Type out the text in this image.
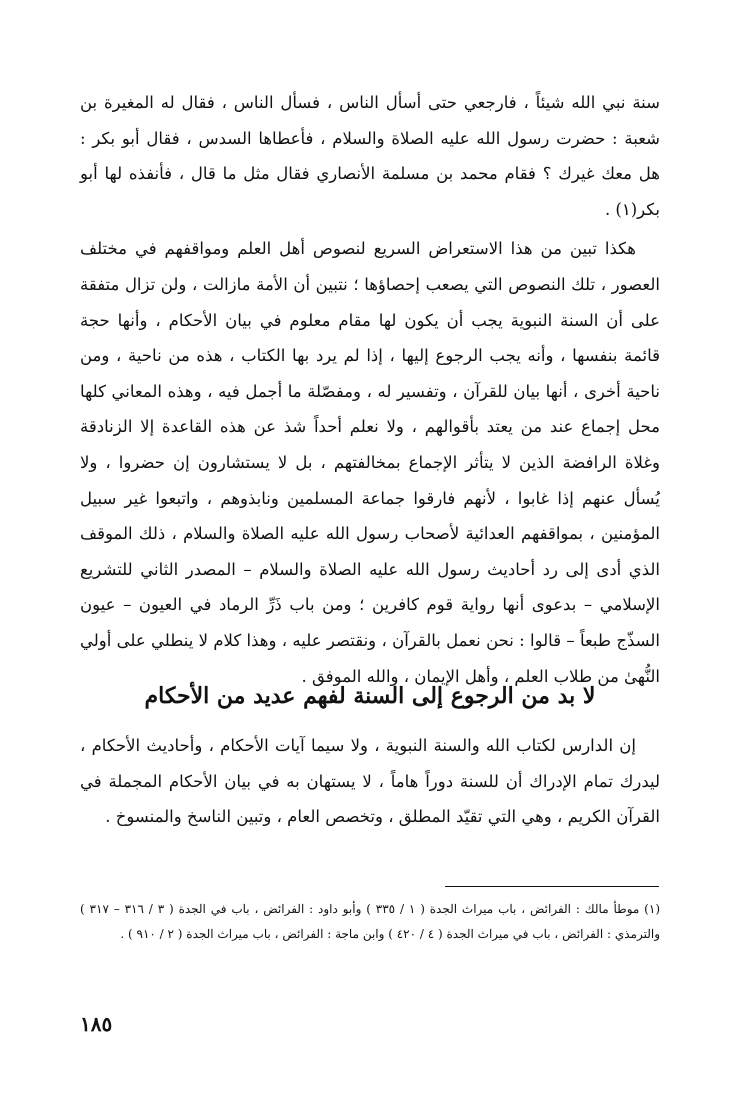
سنة نبي الله شيئاً ، فارجعي حتى أسأل الناس ، فسأل الناس ، فقال له المغيرة بن شعبة : حضرت رسول الله عليه الصلاة والسلام ، فأعطاها السدس ، فقال أبو بكر : هل معك غيرك ؟ فقام محمد بن مسلمة الأنصاري فقال مثل ما قال ، فأنفذه لها أبو بكر(١) .

هكذا تبين من هذا الاستعراض السريع لنصوص أهل العلم ومواقفهم في مختلف العصور ، تلك النصوص التي يصعب إحصاؤها ؛ نتبين أن الأمة مازالت ، ولن تزال متفقة على أن السنة النبوية يجب أن يكون لها مقام معلوم في بيان الأحكام ، وأنها حجة قائمة بنفسها ، وأنه يجب الرجوع إليها ، إذا لم يرد بها الكتاب ، هذه من ناحية ، ومن ناحية أخرى ، أنها بيان للقرآن ، وتفسير له ، ومفصّلة ما أجمل فيه ، وهذه المعاني كلها محل إجماع عند من يعتد بأقوالهم ، ولا نعلم أحداً شذ عن هذه القاعدة إلا الزنادقة وغلاة الرافضة الذين لا يتأثر الإجماع بمخالفتهم ، بل لا يستشارون إن حضروا ، ولا يُسأل عنهم إذا غابوا ، لأنهم فارقوا جماعة المسلمين ونابذوهم ، واتبعوا غير سبيل المؤمنين ، بمواقفهم العدائية لأصحاب رسول الله عليه الصلاة والسلام ، ذلك الموقف الذي أدى إلى رد أحاديث رسول الله عليه الصلاة والسلام – المصدر الثاني للتشريع الإسلامي – بدعوى أنها رواية قوم كافرين ؛ ومن باب ذَرِّ الرماد في العيون – عيون السذّج طبعاً – قالوا : نحن نعمل بالقرآن ، ونقتصر عليه ، وهذا كلام لا ينطلي على أولي النُّهىٰ من طلاب العلم ، وأهل الإيمان ، والله الموفق .

لا بد من الرجوع إلى السنة لفهم عديد من الأحكام

إن الدارس لكتاب الله والسنة النبوية ، ولا سيما آيات الأحكام ، وأحاديث الأحكام ، ليدرك تمام الإدراك أن للسنة دوراً هاماً ، لا يستهان به في بيان الأحكام المجملة في القرآن الكريم ، وهي التي تقيّد المطلق ، وتخصص العام ، وتبين الناسخ والمنسوخ .

(١) موطأ مالك : الفرائض ، باب ميراث الجدة ( ١ / ٣٣٥ ) وأبو داود : الفرائض ، باب في الجدة ( ٣ / ٣١٦ – ٣١٧ ) والترمذي : الفرائض ، باب في ميراث الجدة ( ٤ / ٤٢٠ ) وابن ماجة : الفرائض ، باب ميراث الجدة ( ٢ / ٩١٠ ) .

١٨٥
